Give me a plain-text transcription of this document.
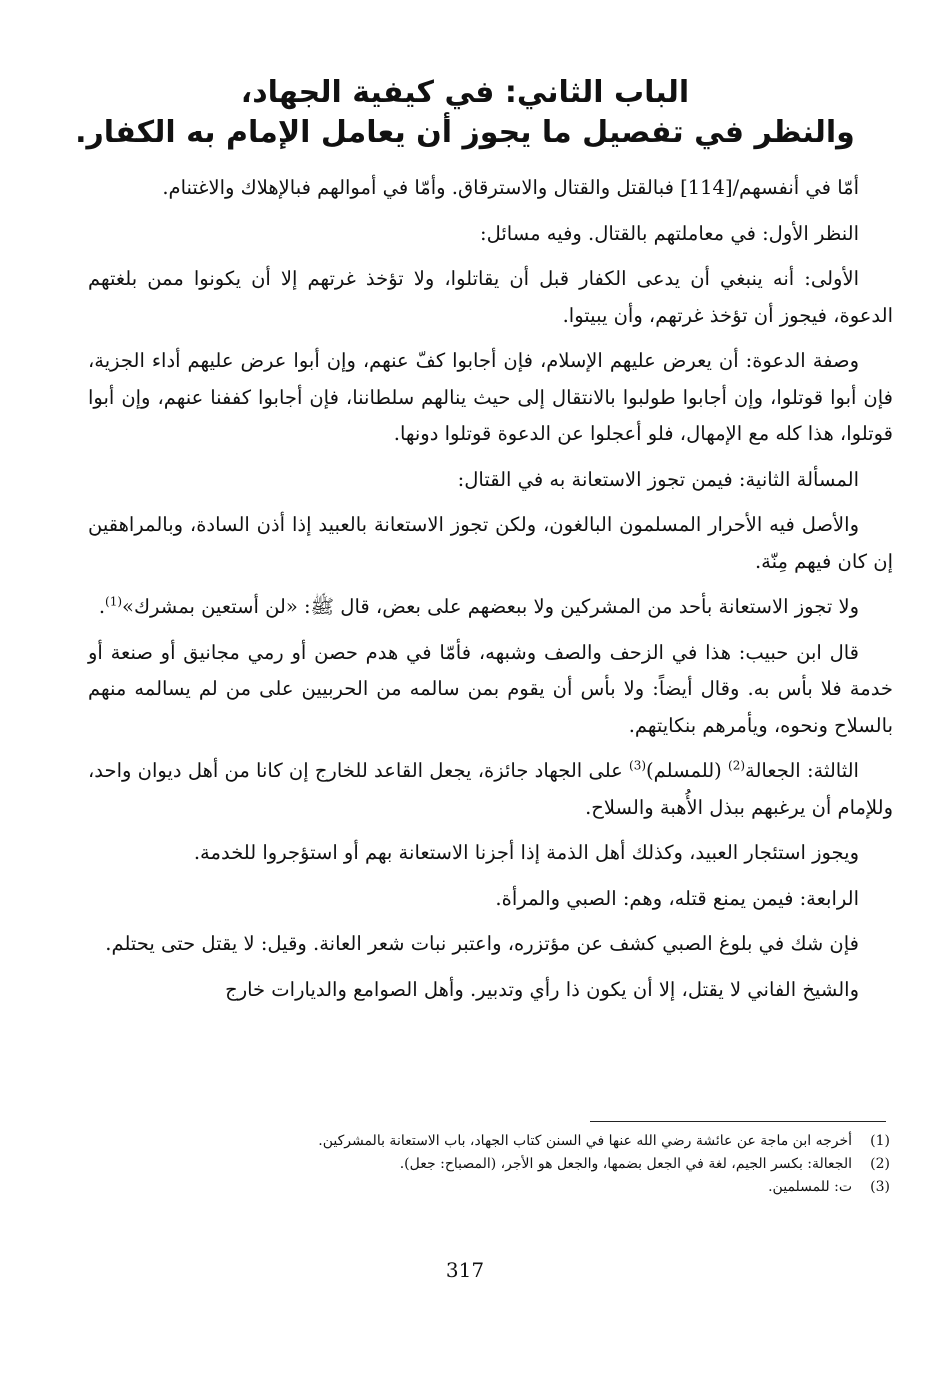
الباب الثاني: في كيفية الجهاد،
والنظر في تفصيل ما يجوز أن يعامل الإمام به الكفار.

أمّا في أنفسهم/[114] فبالقتل والقتال والاسترقاق. وأمّا في أموالهم فبالإهلاك والاغتنام.

النظر الأول: في معاملتهم بالقتال. وفيه مسائل:

الأولى: أنه ينبغي أن يدعى الكفار قبل أن يقاتلوا، ولا تؤخذ غرتهم إلا أن يكونوا ممن بلغتهم الدعوة، فيجوز أن تؤخذ غرتهم، وأن يبيتوا.

وصفة الدعوة: أن يعرض عليهم الإسلام، فإن أجابوا كفّ عنهم، وإن أبوا عرض عليهم أداء الجزية، فإن أبوا قوتلوا، وإن أجابوا طولبوا بالانتقال إلى حيث ينالهم سلطاننا، فإن أجابوا كففنا عنهم، وإن أبوا قوتلوا، هذا كله مع الإمهال، فلو أعجلوا عن الدعوة قوتلوا دونها.

المسألة الثانية: فيمن تجوز الاستعانة به في القتال:

والأصل فيه الأحرار المسلمون البالغون، ولكن تجوز الاستعانة بالعبيد إذا أذن السادة، وبالمراهقين إن كان فيهم مِنّة.

ولا تجوز الاستعانة بأحد من المشركين ولا ببعضهم على بعض، قال ﷺ: «لن أستعين بمشرك»$^{(1)}$.

قال ابن حبيب: هذا في الزحف والصف وشبهه، فأمّا في هدم حصن أو رمي مجانيق أو صنعة أو خدمة فلا بأس به. وقال أيضاً: ولا بأس أن يقوم بمن سالمه من الحربيين على من لم يسالمه منهم بالسلاح ونحوه، ويأمرهم بنكايتهم.

الثالثة: الجعالة$^{(2)}$ (للمسلم)$^{(3)}$ على الجهاد جائزة، يجعل القاعد للخارج إن كانا من أهل ديوان واحد، وللإمام أن يرغبهم ببذل الأُهبة والسلاح.

ويجوز استئجار العبيد، وكذلك أهل الذمة إذا أجزنا الاستعانة بهم أو استؤجروا للخدمة.

الرابعة: فيمن يمنع قتله، وهم: الصبي والمرأة.

فإن شك في بلوغ الصبي كشف عن مؤتزره، واعتبر نبات شعر العانة. وقيل: لا يقتل حتى يحتلم.

والشيخ الفاني لا يقتل، إلا أن يكون ذا رأي وتدبير. وأهل الصوامع والديارات خارج

(1)
أخرجه ابن ماجة عن عائشة رضي الله عنها في السنن كتاب الجهاد، باب الاستعانة بالمشركين.
(2)
الجعالة: بكسر الجيم، لغة في الجعل بضمها، والجعل هو الأجر، (المصباح: جعل).
(3)
ت: للمسلمين.
317
